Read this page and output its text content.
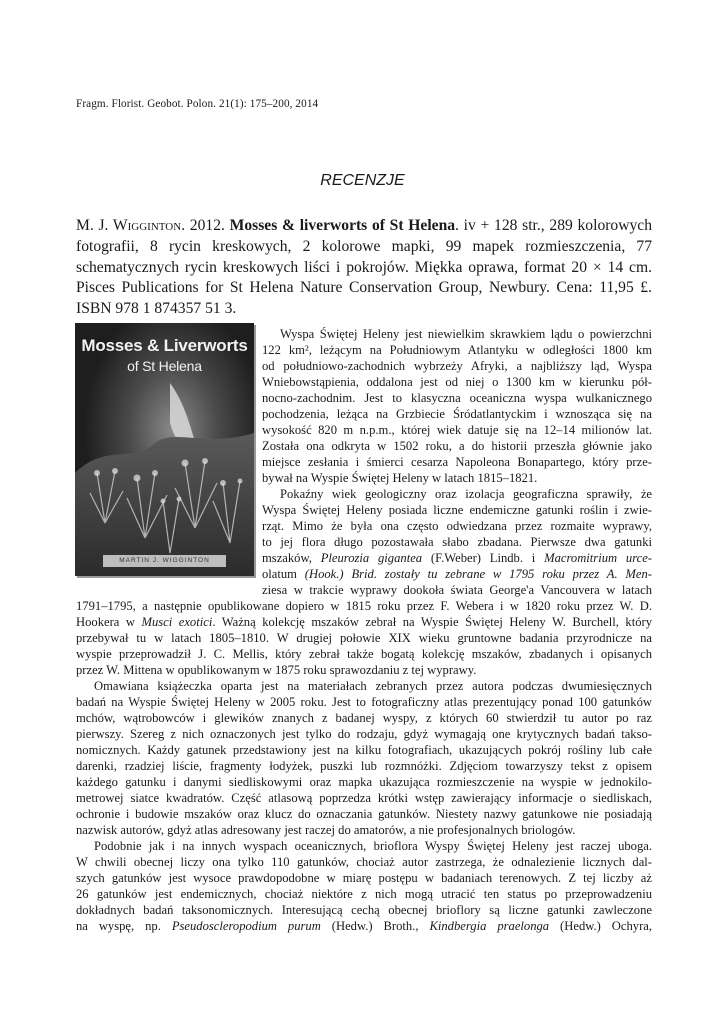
Fragm. Florist. Geobot. Polon. 21(1): 175–200, 2014
RECENZJE
M. J. Wigginton. 2012. Mosses & liverworts of St Helena. iv + 128 str., 289 kolorowych fotografii, 8 rycin kreskowych, 2 kolorowe mapki, 99 mapek rozmieszczenia, 77 schematycznych rycin kreskowych liści i pokrojów. Miękka oprawa, format 20 × 14 cm. Pisces Publications for St Helena Nature Conservation Group, Newbury. Cena: 11,95 £. ISBN 978 1 874357 51 3.
Mosses & Liverworts
of St Helena
MARTIN J. WIGGINTON
Wyspa Świętej Heleny jest niewielkim skrawkiem lądu o powierzchni
122 km², leżącym na Południowym Atlantyku w odległości 1800 km
od południowo-zachodnich wybrzeży Afryki, a najbliższy ląd, Wyspa
Wniebowstąpienia, oddalona jest od niej o 1300 km w kierunku pół-
nocno-zachodnim. Jest to klasyczna oceaniczna wyspa wulkanicznego
pochodzenia, leżąca na Grzbiecie Śródatlantyckim i wznosząca się na
wysokość 820 m n.p.m., której wiek datuje się na 12–14 milionów lat.
Została ona odkryta w 1502 roku, a do historii przeszła głównie jako
miejsce zesłania i śmierci cesarza Napoleona Bonapartego, który prze-
bywał na Wyspie Świętej Heleny w latach 1815–1821.
Pokaźny wiek geologiczny oraz izolacja geograficzna sprawiły, że
Wyspa Świętej Heleny posiada liczne endemiczne gatunki roślin i zwie-
rząt. Mimo że była ona często odwiedzana przez rozmaite wyprawy,
to jej flora długo pozostawała słabo zbadana. Pierwsze dwa gatunki
mszaków, Pleurozia gigantea (F.Weber) Lindb. i Macromitrium urce-
olatum (Hook.) Brid. zostały tu zebrane w 1795 roku przez A. Men-
ziesa w trakcie wyprawy dookoła świata George'a Vancouvera w latach
1791–1795, a następnie opublikowane dopiero w 1815 roku przez F. Webera i w 1820 roku przez W. D.
Hookera w Musci exotici. Ważną kolekcję mszaków zebrał na Wyspie Świętej Heleny W. Burchell, który
przebywał tu w latach 1805–1810. W drugiej połowie XIX wieku gruntowne badania przyrodnicze na
wyspie przeprowadził J. C. Mellis, który zebrał także bogatą kolekcję mszaków, zbadanych i opisanych
przez W. Mittena w opublikowanym w 1875 roku sprawozdaniu z tej wyprawy.
Omawiana książeczka oparta jest na materiałach zebranych przez autora podczas dwumiesięcznych
badań na Wyspie Świętej Heleny w 2005 roku. Jest to fotograficzny atlas prezentujący ponad 100 gatunków
mchów, wątrobowców i glewików znanych z badanej wyspy, z których 60 stwierdził tu autor po raz
pierwszy. Szereg z nich oznaczonych jest tylko do rodzaju, gdyż wymagają one krytycznych badań takso-
nomicznych. Każdy gatunek przedstawiony jest na kilku fotografiach, ukazujących pokrój rośliny lub całe
darenki, rzadziej liście, fragmenty łodyżek, puszki lub rozmnóżki. Zdjęciom towarzyszy tekst z opisem
każdego gatunku i danymi siedliskowymi oraz mapka ukazująca rozmieszczenie na wyspie w jednokilo-
metrowej siatce kwadratów. Część atlasową poprzedza krótki wstęp zawierający informacje o siedliskach,
ochronie i budowie mszaków oraz klucz do oznaczania gatunków. Niestety nazwy gatunkowe nie posiadają
nazwisk autorów, gdyż atlas adresowany jest raczej do amatorów, a nie profesjonalnych briologów.
Podobnie jak i na innych wyspach oceanicznych, brioflora Wyspy Świętej Heleny jest raczej uboga.
W chwili obecnej liczy ona tylko 110 gatunków, chociaż autor zastrzega, że odnalezienie licznych dal-
szych gatunków jest wysoce prawdopodobne w miarę postępu w badaniach terenowych. Z tej liczby aż
26 gatunków jest endemicznych, chociaż niektóre z nich mogą utracić ten status po przeprowadzeniu
dokładnych badań taksonomicznych. Interesującą cechą obecnej brioflory są liczne gatunki zawleczone
na wyspę, np. Pseudoscleropodium purum (Hedw.) Broth., Kindbergia praelonga (Hedw.) Ochyra,
